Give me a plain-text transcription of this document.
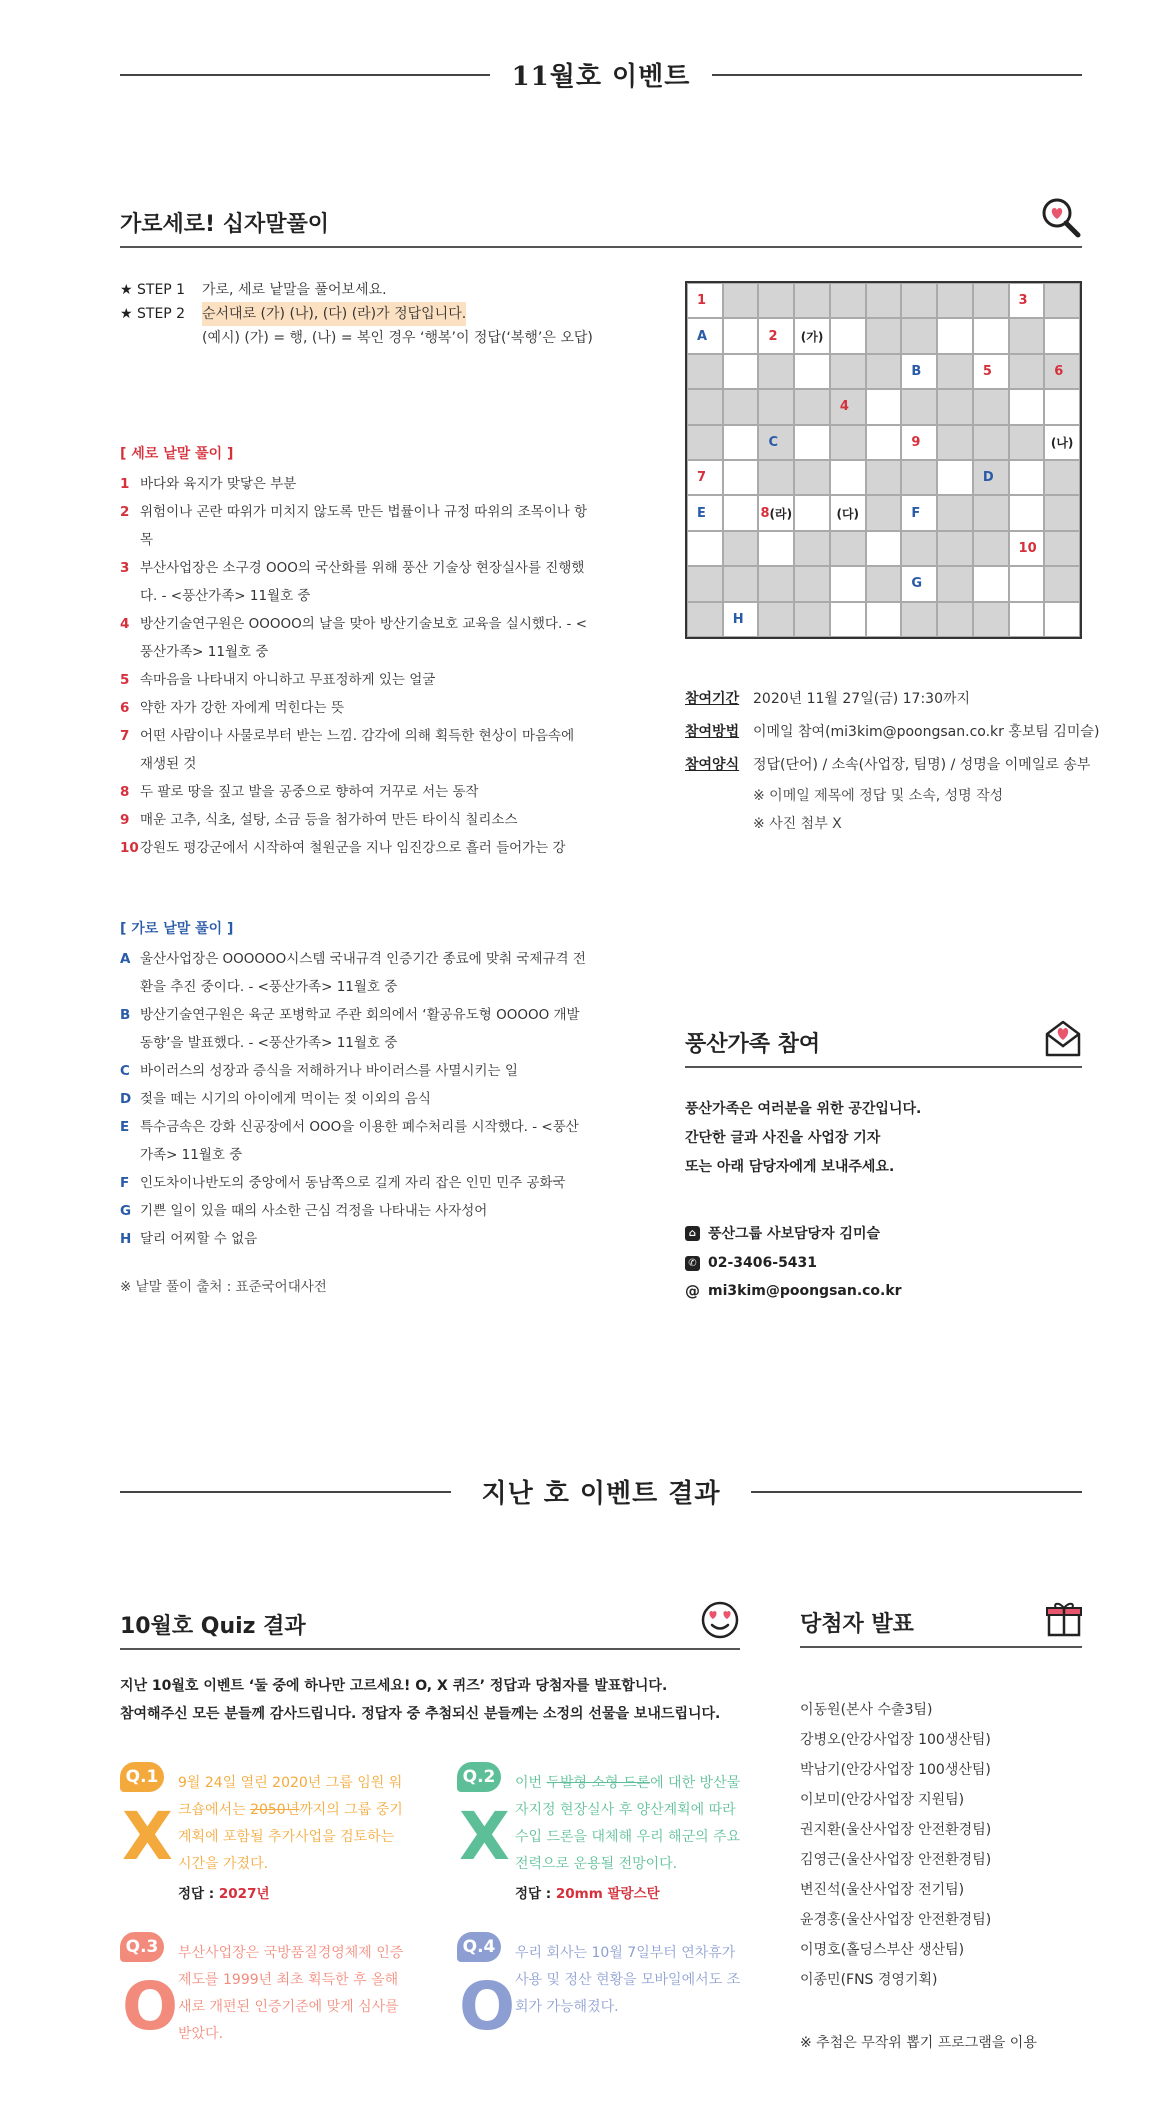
11월호 이벤트
가로세로! 십자말풀이
★ STEP 1	가로, 세로 낱말을 풀어보세요.
★ STEP 2	순서대로 (가) (나), (다) (라)가 정답입니다.
(예시) (가) = 행, (나) = 복인 경우 ‘행복’이 정답(‘복행’은 오답)
[ 세로 낱말 풀이 ]
1 바다와 육지가 맞닿은 부분
2 위험이나 곤란 따위가 미치지 않도록 만든 법률이나 규정 따위의 조목이나 항목
3 부산사업장은 소구경 OOO의 국산화를 위해 풍산 기술상 현장실사를 진행했다. - <풍산가족> 11월호 중
4 방산기술연구원은 OOOOO의 날을 맞아 방산기술보호 교육을 실시했다. - <풍산가족> 11월호 중
5 속마음을 나타내지 아니하고 무표정하게 있는 얼굴
6 약한 자가 강한 자에게 먹힌다는 뜻
7 어떤 사람이나 사물로부터 받는 느낌. 감각에 의해 획득한 현상이 마음속에 재생된 것
8 두 팔로 땅을 짚고 발을 공중으로 향하여 거꾸로 서는 동작
9 매운 고추, 식초, 설탕, 소금 등을 첨가하여 만든 타이식 칠리소스
10 강원도 평강군에서 시작하여 철원군을 지나 임진강으로 흘러 들어가는 강
[ 가로 낱말 풀이 ]
A 울산사업장은 OOOOOO시스템 국내규격 인증기간 종료에 맞춰 국제규격 전환을 추진 중이다. - <풍산가족> 11월호 중
B 방산기술연구원은 육군 포병학교 주관 회의에서 ‘활공유도형 OOOOO 개발 동향’을 발표했다. - <풍산가족> 11월호 중
C 바이러스의 성장과 증식을 저해하거나 바이러스를 사멸시키는 일
D 젖을 떼는 시기의 아이에게 먹이는 젖 이외의 음식
E 특수금속은 강화 신공장에서 OOO을 이용한 폐수처리를 시작했다. - <풍산가족> 11월호 중
F 인도차이나반도의 중앙에서 동남쪽으로 길게 자리 잡은 인민 민주 공화국
G 기쁜 일이 있을 때의 사소한 근심 걱정을 나타내는 사자성어
H 달리 어찌할 수 없음
※ 낱말 풀이 출처 : 표준국어대사전
1	3
A	2 (가)
B	5	6
4
C	9	(나)
7	D
E	8 (라)	(다)	F
10
G
H
참여기간 2020년 11월 27일(금) 17:30까지
참여방법 이메일 참여(mi3kim@poongsan.co.kr 홍보팀 김미슬)
참여양식 정답(단어) / 소속(사업장, 팀명) / 성명을 이메일로 송부
※ 이메일 제목에 정답 및 소속, 성명 작성
※ 사진 첨부 X
풍산가족 참여
풍산가족은 여러분을 위한 공간입니다.
간단한 글과 사진을 사업장 기자
또는 아래 담당자에게 보내주세요.
⌂ 풍산그룹 사보담당자 김미슬
✆ 02-3406-5431
@ mi3kim@poongsan.co.kr
지난 호 이벤트 결과
10월호 Quiz 결과
지난 10월호 이벤트 ‘둘 중에 하나만 고르세요! O, X 퀴즈’ 정답과 당첨자를 발표합니다.
참여해주신 모든 분들께 감사드립니다. 정답자 중 추첨되신 분들께는 소정의 선물을 보내드립니다.
Q.1
X
9월 24일 열린 2020년 그룹 임원 워크숍에서는 2050년까지의 그룹 중기 계획에 포함될 추가사업을 검토하는 시간을 가졌다.
정답 : 2027년
Q.2
X
이번 두발형 소형 드론에 대한 방산물자지정 현장실사 후 양산계획에 따라 수입 드론을 대체해 우리 해군의 주요 전력으로 운용될 전망이다.
정답 : 20mm 팔랑스탄
Q.3
O
부산사업장은 국방품질경영체제 인증제도를 1999년 최초 획득한 후 올해 새로 개편된 인증기준에 맞게 심사를 받았다.
Q.4
O
우리 회사는 10월 7일부터 연차휴가 사용 및 정산 현황을 모바일에서도 조회가 가능해졌다.
당첨자 발표
이동원(본사 수출3팀)
강병오(안강사업장 100생산팀)
박남기(안강사업장 100생산팀)
이보미(안강사업장 지원팀)
권지환(울산사업장 안전환경팀)
김영근(울산사업장 안전환경팀)
변진석(울산사업장 전기팀)
윤경홍(울산사업장 안전환경팀)
이명호(홀딩스부산 생산팀)
이종민(FNS 경영기획)
※ 추첨은 무작위 뽑기 프로그램을 이용
